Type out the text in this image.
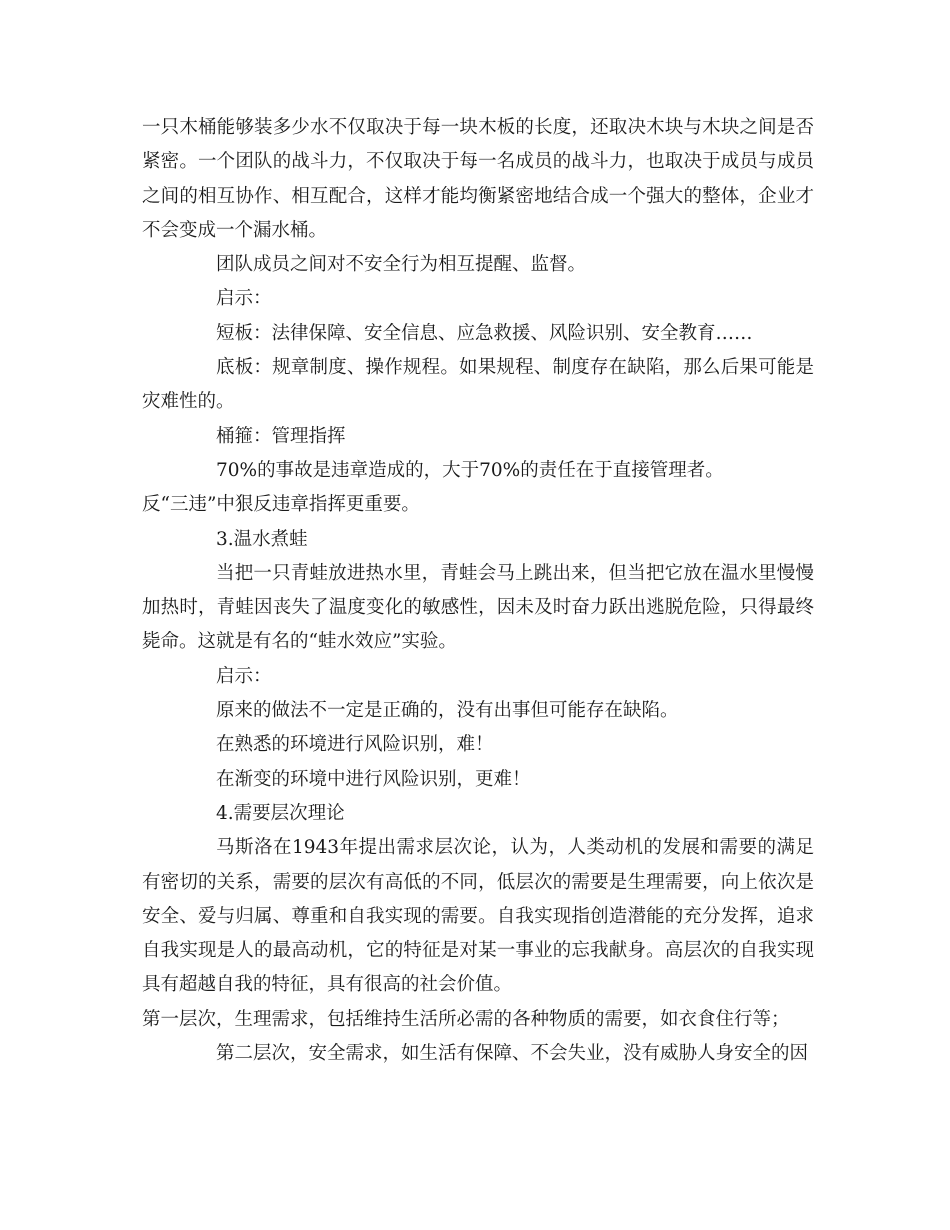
一只木桶能够装多少水不仅取决于每一块木板的长度，还取决木块与木块之间是否紧密。一个团队的战斗力，不仅取决于每一名成员的战斗力，也取决于成员与成员之间的相互协作、相互配合，这样才能均衡紧密地结合成一个强大的整体，企业才不会变成一个漏水桶。

团队成员之间对不安全行为相互提醒、监督。

启示：

短板：法律保障、安全信息、应急救援、风险识别、安全教育……

底板：规章制度、操作规程。如果规程、制度存在缺陷，那么后果可能是灾难性的。

桶箍：管理指挥

70%的事故是违章造成的，大于70%的责任在于直接管理者。

反“三违”中狠反违章指挥更重要。

3.温水煮蛙

当把一只青蛙放进热水里，青蛙会马上跳出来，但当把它放在温水里慢慢加热时，青蛙因丧失了温度变化的敏感性，因未及时奋力跃出逃脱危险，只得最终毙命。这就是有名的“蛙水效应”实验。

启示：

原来的做法不一定是正确的，没有出事但可能存在缺陷。

在熟悉的环境进行风险识别，难！

在渐变的环境中进行风险识别，更难！

4.需要层次理论

马斯洛在1943年提出需求层次论，认为，人类动机的发展和需要的满足有密切的关系，需要的层次有高低的不同，低层次的需要是生理需要，向上依次是安全、爱与归属、尊重和自我实现的需要。自我实现指创造潜能的充分发挥，追求自我实现是人的最高动机，它的特征是对某一事业的忘我献身。高层次的自我实现具有超越自我的特征，具有很高的社会价值。

第一层次，生理需求，包括维持生活所必需的各种物质的需要，如衣食住行等；

第二层次，安全需求，如生活有保障、不会失业，没有威胁人身安全的因
